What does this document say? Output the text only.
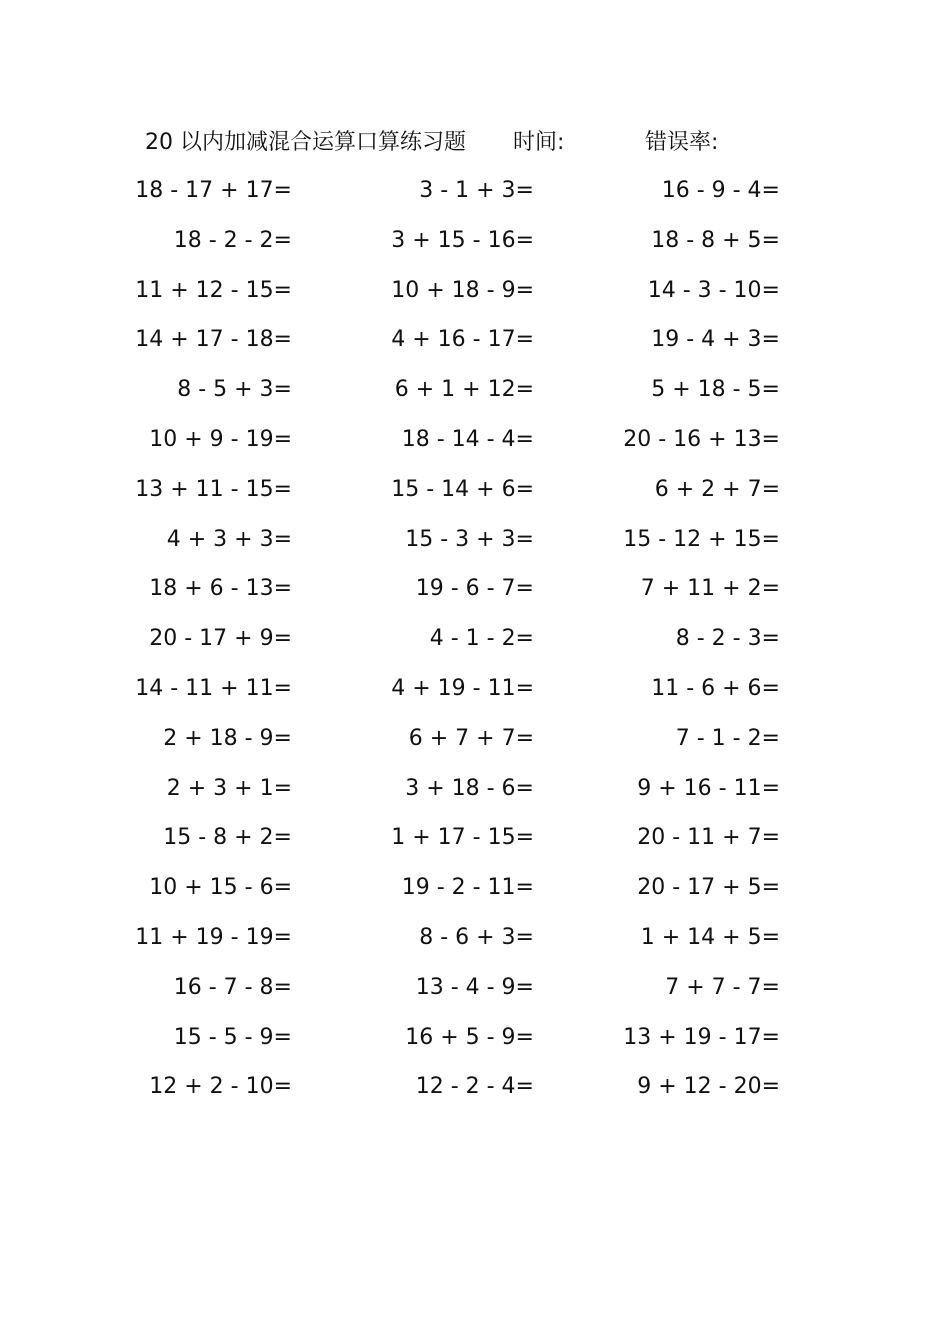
20 以内加减混合运算口算练习题 时间:	错误率:
18 - 17 + 17=	3 - 1 + 3=	16 - 9 - 4=
18 - 2 - 2=	3 + 15 - 16=	18 - 8 + 5=
11 + 12 - 15=	10 + 18 - 9=	14 - 3 - 10=
14 + 17 - 18=	4 + 16 - 17=	19 - 4 + 3=
8 - 5 + 3=	6 + 1 + 12=	5 + 18 - 5=
10 + 9 - 19=	18 - 14 - 4=	20 - 16 + 13=
13 + 11 - 15=	15 - 14 + 6=	6 + 2 + 7=
4 + 3 + 3=	15 - 3 + 3=	15 - 12 + 15=
18 + 6 - 13=	19 - 6 - 7=	7 + 11 + 2=
20 - 17 + 9=	4 - 1 - 2=	8 - 2 - 3=
14 - 11 + 11=	4 + 19 - 11=	11 - 6 + 6=
2 + 18 - 9=	6 + 7 + 7=	7 - 1 - 2=
2 + 3 + 1=	3 + 18 - 6=	9 + 16 - 11=
15 - 8 + 2=	1 + 17 - 15=	20 - 11 + 7=
10 + 15 - 6=	19 - 2 - 11=	20 - 17 + 5=
11 + 19 - 19=	8 - 6 + 3=	1 + 14 + 5=
16 - 7 - 8=	13 - 4 - 9=	7 + 7 - 7=
15 - 5 - 9=	16 + 5 - 9=	13 + 19 - 17=
12 + 2 - 10=	12 - 2 - 4=	9 + 12 - 20=
